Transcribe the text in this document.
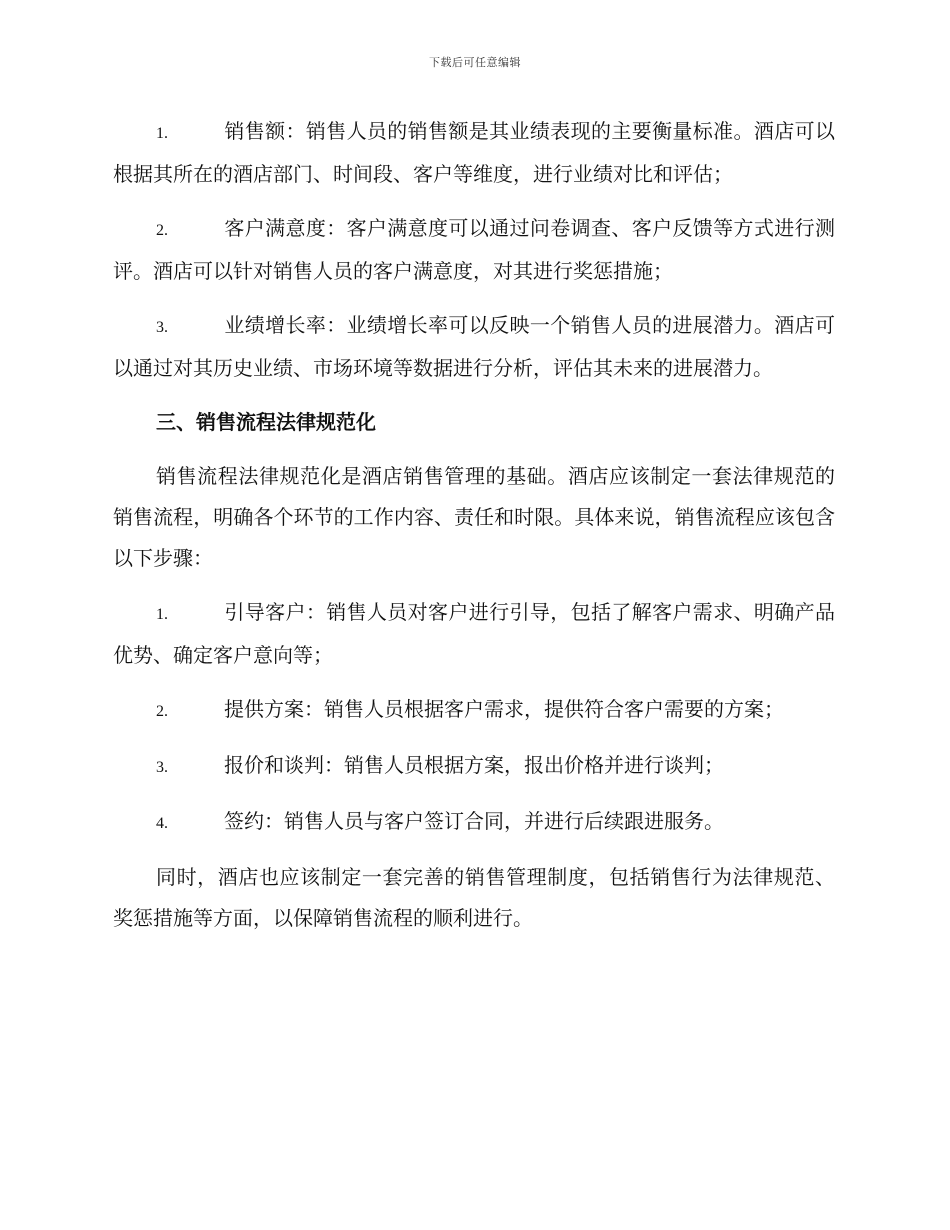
下载后可任意编辑

1.	销售额：销售人员的销售额是其业绩表现的主要衡量标准。酒店可以根据其所在的酒店部门、时间段、客户等维度，进行业绩对比和评估；

2.	客户满意度：客户满意度可以通过问卷调查、客户反馈等方式进行测评。酒店可以针对销售人员的客户满意度，对其进行奖惩措施；

3.	业绩增长率：业绩增长率可以反映一个销售人员的进展潜力。酒店可以通过对其历史业绩、市场环境等数据进行分析，评估其未来的进展潜力。

三、销售流程法律规范化

销售流程法律规范化是酒店销售管理的基础。酒店应该制定一套法律规范的销售流程，明确各个环节的工作内容、责任和时限。具体来说，销售流程应该包含以下步骤：

1.	引导客户：销售人员对客户进行引导，包括了解客户需求、明确产品优势、确定客户意向等；

2.	提供方案：销售人员根据客户需求，提供符合客户需要的方案；

3.	报价和谈判：销售人员根据方案，报出价格并进行谈判；

4.	签约：销售人员与客户签订合同，并进行后续跟进服务。

同时，酒店也应该制定一套完善的销售管理制度，包括销售行为法律规范、奖惩措施等方面，以保障销售流程的顺利进行。
